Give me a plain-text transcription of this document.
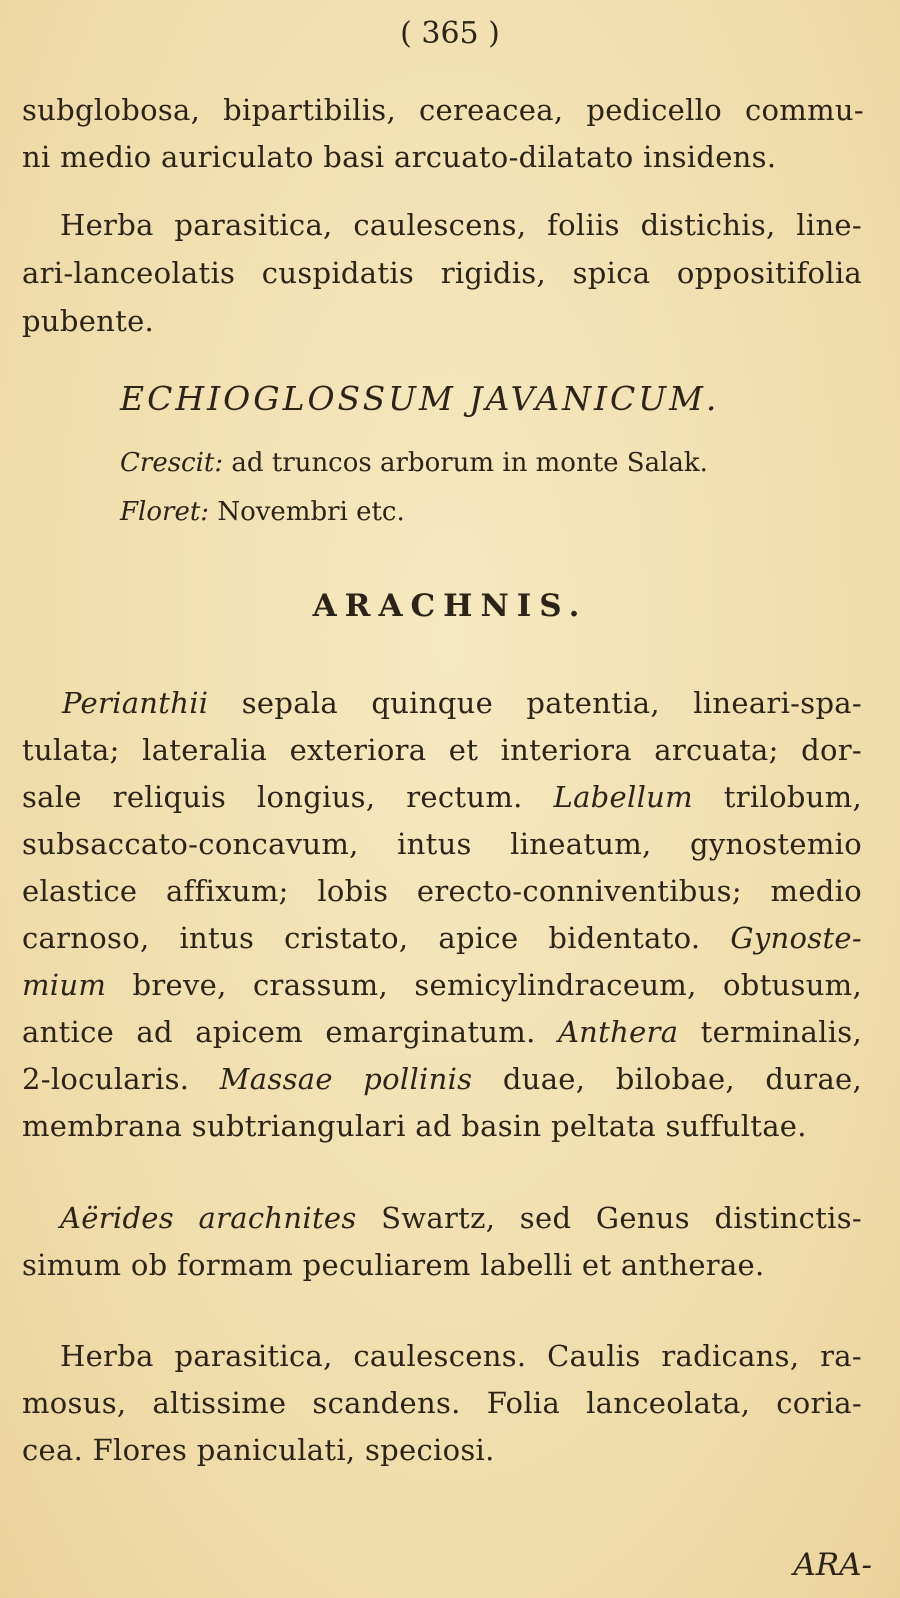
( 365 )
subglobosa, bipartibilis, cereacea, pedicello commu-
ni medio auriculato basi arcuato-dilatato insidens.
Herba parasitica, caulescens, foliis distichis, line-
ari-lanceolatis cuspidatis rigidis, spica oppositifolia
pubente.
ECHIOGLOSSUM JAVANICUM.
Crescit: ad truncos arborum in monte Salak.
Floret: Novembri etc.
ARACHNIS.
Perianthii sepala quinque patentia, lineari-spa-
tulata; lateralia exteriora et interiora arcuata; dor-
sale reliquis longius, rectum. Labellum trilobum,
subsaccato-concavum, intus lineatum, gynostemio
elastice affixum; lobis erecto-conniventibus; medio
carnoso, intus cristato, apice bidentato. Gynoste-
mium breve, crassum, semicylindraceum, obtusum,
antice ad apicem emarginatum. Anthera terminalis,
2-locularis. Massae pollinis duae, bilobae, durae,
membrana subtriangulari ad basin peltata suffultae.
Aërides arachnites Swartz, sed Genus distinctis-
simum ob formam peculiarem labelli et antherae.
Herba parasitica, caulescens. Caulis radicans, ra-
mosus, altissime scandens. Folia lanceolata, coria-
cea. Flores paniculati, speciosi.
ARA-
